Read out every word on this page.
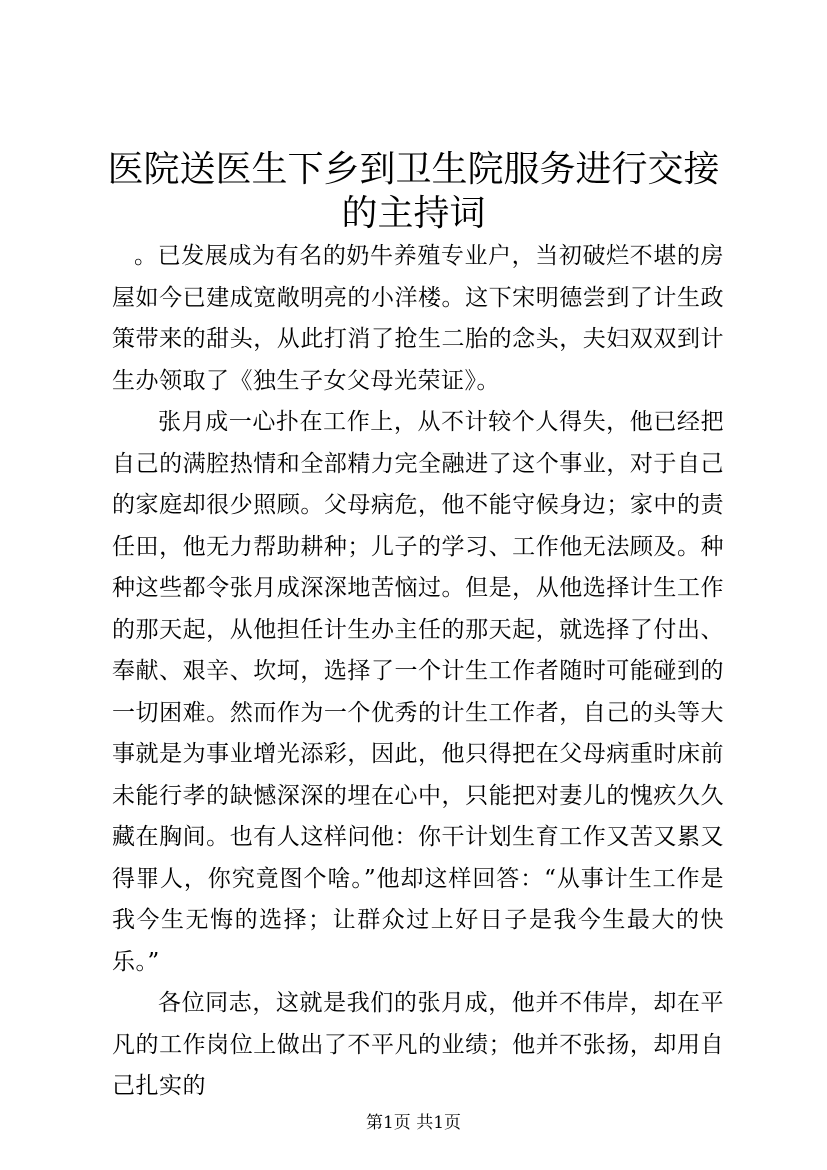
医院送医生下乡到卫生院服务进行交接的主持词

。已发展成为有名的奶牛养殖专业户，当初破烂不堪的房屋如今已建成宽敞明亮的小洋楼。这下宋明德尝到了计生政策带来的甜头，从此打消了抢生二胎的念头，夫妇双双到计生办领取了《独生子女父母光荣证》。

张月成一心扑在工作上，从不计较个人得失，他已经把自己的满腔热情和全部精力完全融进了这个事业，对于自己的家庭却很少照顾。父母病危，他不能守候身边；家中的责任田，他无力帮助耕种；儿子的学习、工作他无法顾及。种种这些都令张月成深深地苦恼过。但是，从他选择计生工作的那天起，从他担任计生办主任的那天起，就选择了付出、奉献、艰辛、坎坷，选择了一个计生工作者随时可能碰到的一切困难。然而作为一个优秀的计生工作者，自己的头等大事就是为事业增光添彩，因此，他只得把在父母病重时床前未能行孝的缺憾深深的埋在心中，只能把对妻儿的愧疚久久藏在胸间。也有人这样问他：你干计划生育工作又苦又累又得罪人，你究竟图个啥。”他却这样回答：“从事计生工作是我今生无悔的选择；让群众过上好日子是我今生最大的快乐。”

各位同志，这就是我们的张月成，他并不伟岸，却在平凡的工作岗位上做出了不平凡的业绩；他并不张扬，却用自己扎实的

第1页 共1页
